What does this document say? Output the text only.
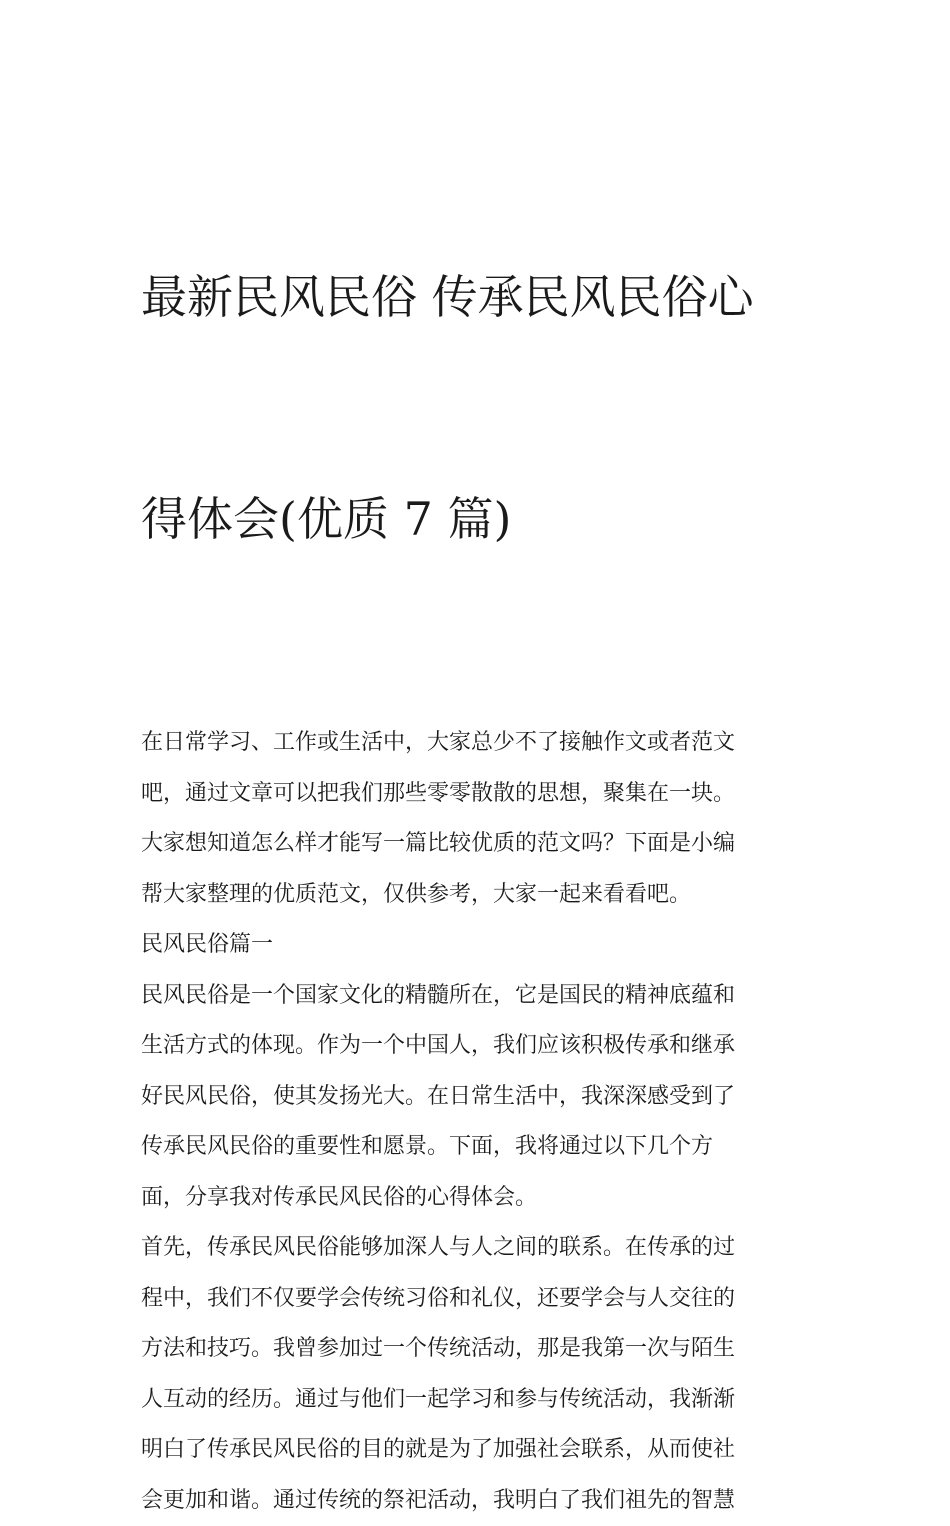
最新民风民俗 传承民风民俗心

得体会(优质 7 篇)

在日常学习、工作或生活中，大家总少不了接触作文或者范文
吧，通过文章可以把我们那些零零散散的思想，聚集在一块。
大家想知道怎么样才能写一篇比较优质的范文吗？下面是小编
帮大家整理的优质范文，仅供参考，大家一起来看看吧。

民风民俗篇一

民风民俗是一个国家文化的精髓所在，它是国民的精神底蕴和
生活方式的体现。作为一个中国人，我们应该积极传承和继承
好民风民俗，使其发扬光大。在日常生活中，我深深感受到了
传承民风民俗的重要性和愿景。下面，我将通过以下几个方
面，分享我对传承民风民俗的心得体会。

首先，传承民风民俗能够加深人与人之间的联系。在传承的过
程中，我们不仅要学会传统习俗和礼仪，还要学会与人交往的
方法和技巧。我曾参加过一个传统活动，那是我第一次与陌生
人互动的经历。通过与他们一起学习和参与传统活动，我渐渐
明白了传承民风民俗的目的就是为了加强社会联系，从而使社
会更加和谐。通过传统的祭祀活动，我明白了我们祖先的智慧
